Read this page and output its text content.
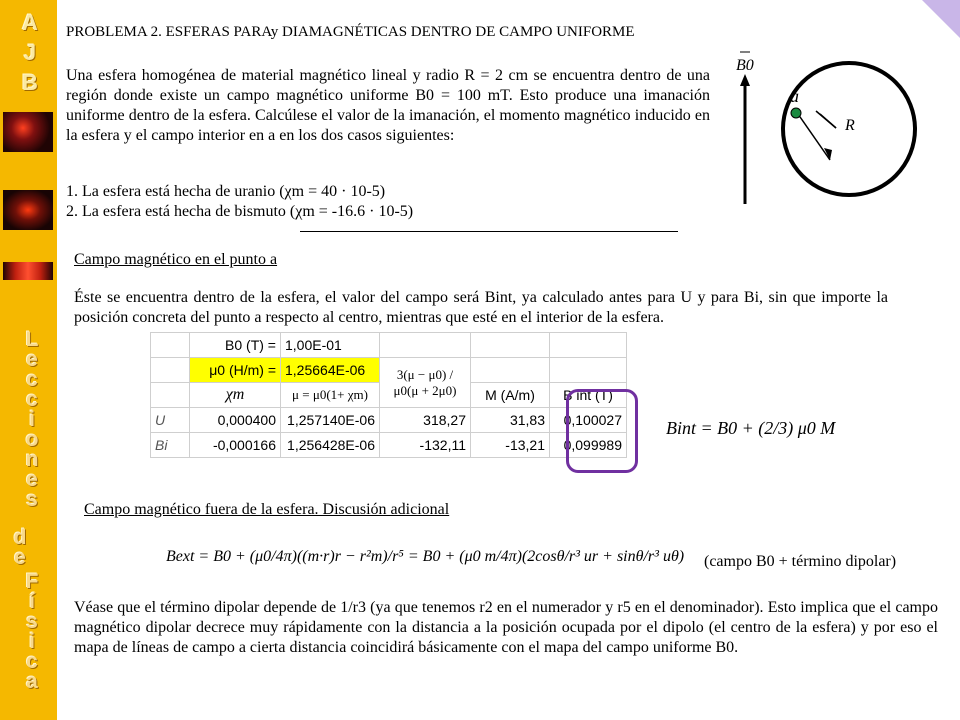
A
J
B
L
e
c
c
i
o
n
e
s
d
e
F
í
s
i
c
a
PROBLEMA 2. ESFERAS PARAy DIAMAGNÉTICAS DENTRO DE CAMPO UNIFORME
Una esfera homogénea de material magnético lineal y radio R = 2 cm se encuentra dentro de una región donde existe un campo magnético uniforme B0 = 100 mT. Esto produce una imanación uniforme dentro de la esfera. Calcúlese el valor de la imanación, el momento magnético inducido en la esfera y el campo interior en a en los dos casos siguientes:
1. La esfera está hecha de uranio (χm = 40 · 10-5)
2. La esfera está hecha de bismuto (χm = -16.6 · 10-5)
B0
a
R
Campo magnético en el punto a
Éste se encuentra dentro de la esfera, el valor del campo será Bint, ya calculado antes para U y para Bi, sin que importe la posición concreta del punto a respecto al centro, mientras que esté en el interior de la esfera.
	B0 (T) =	1,00E-01			
	μ0 (H/m) =	1,25664E-06	3(μ − μ0) / μ0(μ + 2μ0)		
	χm	μ = μ0(1+ χm)		M (A/m)	B int (T)
U	0,000400	1,257140E-06	318,27	31,83	0,100027
Bi	-0,000166	1,256428E-06	-132,11	-13,21	0,099989
Bint = B0 + (2/3) μ0 M
Campo magnético fuera de la esfera. Discusión adicional
Bext = B0 + (μ0/4π)((m·r)r − r²m)/r⁵ = B0 + (μ0 m/4π)(2cosθ/r³ ur + sinθ/r³ uθ)	(campo B0 + término dipolar)
Véase que el término dipolar depende de 1/r3 (ya que tenemos r2 en el numerador y r5 en el denominador). Esto implica que el campo magnético dipolar decrece muy rápidamente con la distancia a la posición ocupada por el dipolo (el centro de la esfera) y por eso el mapa de líneas de campo a cierta distancia coincidirá básicamente con el mapa del campo uniforme B0.
